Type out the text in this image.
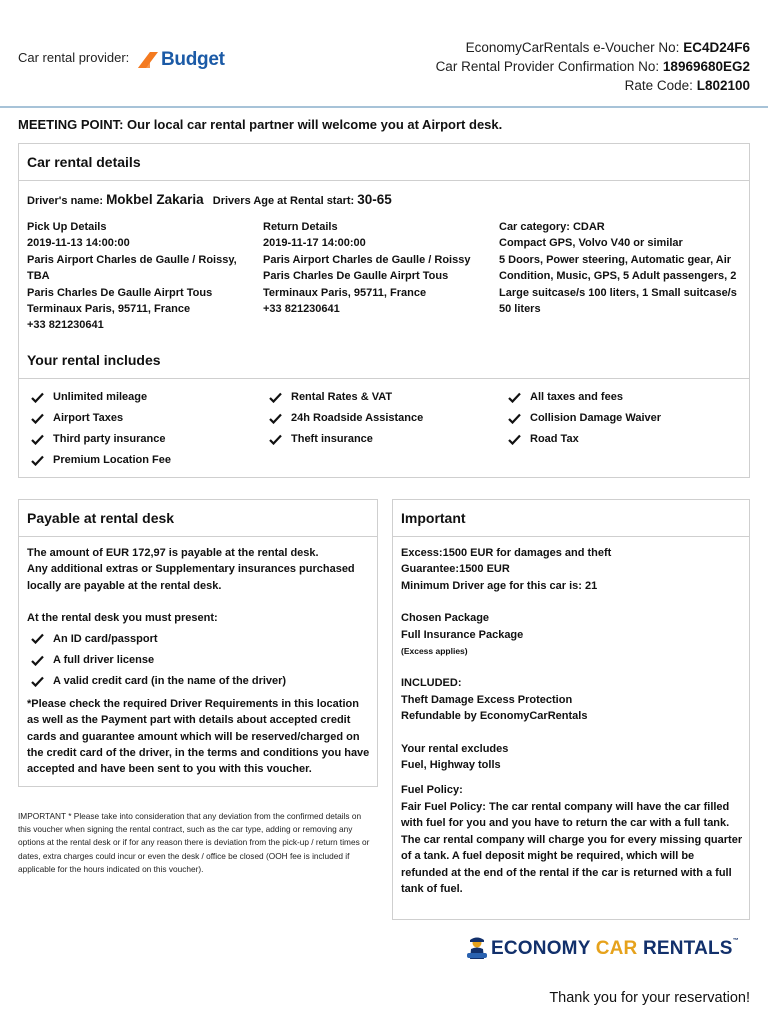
Car rental provider: Budget
EconomyCarRentals e-Voucher No: EC4D24F6
Car Rental Provider Confirmation No: 18969680EG2
Rate Code: L802100
MEETING POINT: Our local car rental partner will welcome you at Airport desk.
Car rental details
Driver's name: Mokbel Zakaria Drivers Age at Rental start: 30-65
Pick Up Details
2019-11-13 14:00:00
Paris Airport Charles de Gaulle / Roissy, TBA
Paris Charles De Gaulle Airprt Tous Terminaux Paris, 95711, France
+33 821230641
Return Details
2019-11-17 14:00:00
Paris Airport Charles de Gaulle / Roissy
Paris Charles De Gaulle Airprt Tous Terminaux Paris, 95711, France
+33 821230641
Car category: CDAR
Compact GPS, Volvo V40 or similar
5 Doors, Power steering, Automatic gear, Air Condition, Music, GPS, 5 Adult passengers, 2 Large suitcase/s 100 liters, 1 Small suitcase/s 50 liters
Your rental includes
Unlimited mileage	Rental Rates & VAT	All taxes and fees
Airport Taxes	24h Roadside Assistance	Collision Damage Waiver
Third party insurance	Theft insurance	Road Tax
Premium Location Fee
Payable at rental desk
The amount of EUR 172,97 is payable at the rental desk.
Any additional extras or Supplementary insurances purchased locally are payable at the rental desk.
At the rental desk you must present:
An ID card/passport
A full driver license
A valid credit card (in the name of the driver)
*Please check the required Driver Requirements in this location as well as the Payment part with details about accepted credit cards and guarantee amount which will be reserved/charged on the credit card of the driver, in the terms and conditions you have accepted and have been sent to you with this voucher.
IMPORTANT * Please take into consideration that any deviation from the confirmed details on this voucher when signing the rental contract, such as the car type, adding or removing any options at the rental desk or if for any reason there is deviation from the pick-up / return times or dates, extra charges could incur or even the desk / office be closed (OOH fee is included if applicable for the hours indicated on this voucher).
Important
Excess:1500 EUR for damages and theft
Guarantee:1500 EUR
Minimum Driver age for this car is: 21
Chosen Package
Full Insurance Package
(Excess applies)
INCLUDED:
Theft Damage Excess Protection
Refundable by EconomyCarRentals
Your rental excludes
Fuel, Highway tolls
Fuel Policy:
Fair Fuel Policy: The car rental company will have the car filled with fuel for you and you have to return the car with a full tank. The car rental company will charge you for every missing quarter of a tank. A fuel deposit might be required, which will be refunded at the end of the rental if the car is returned with a full tank of fuel.
ECONOMY CAR RENTALS™
Thank you for your reservation!
